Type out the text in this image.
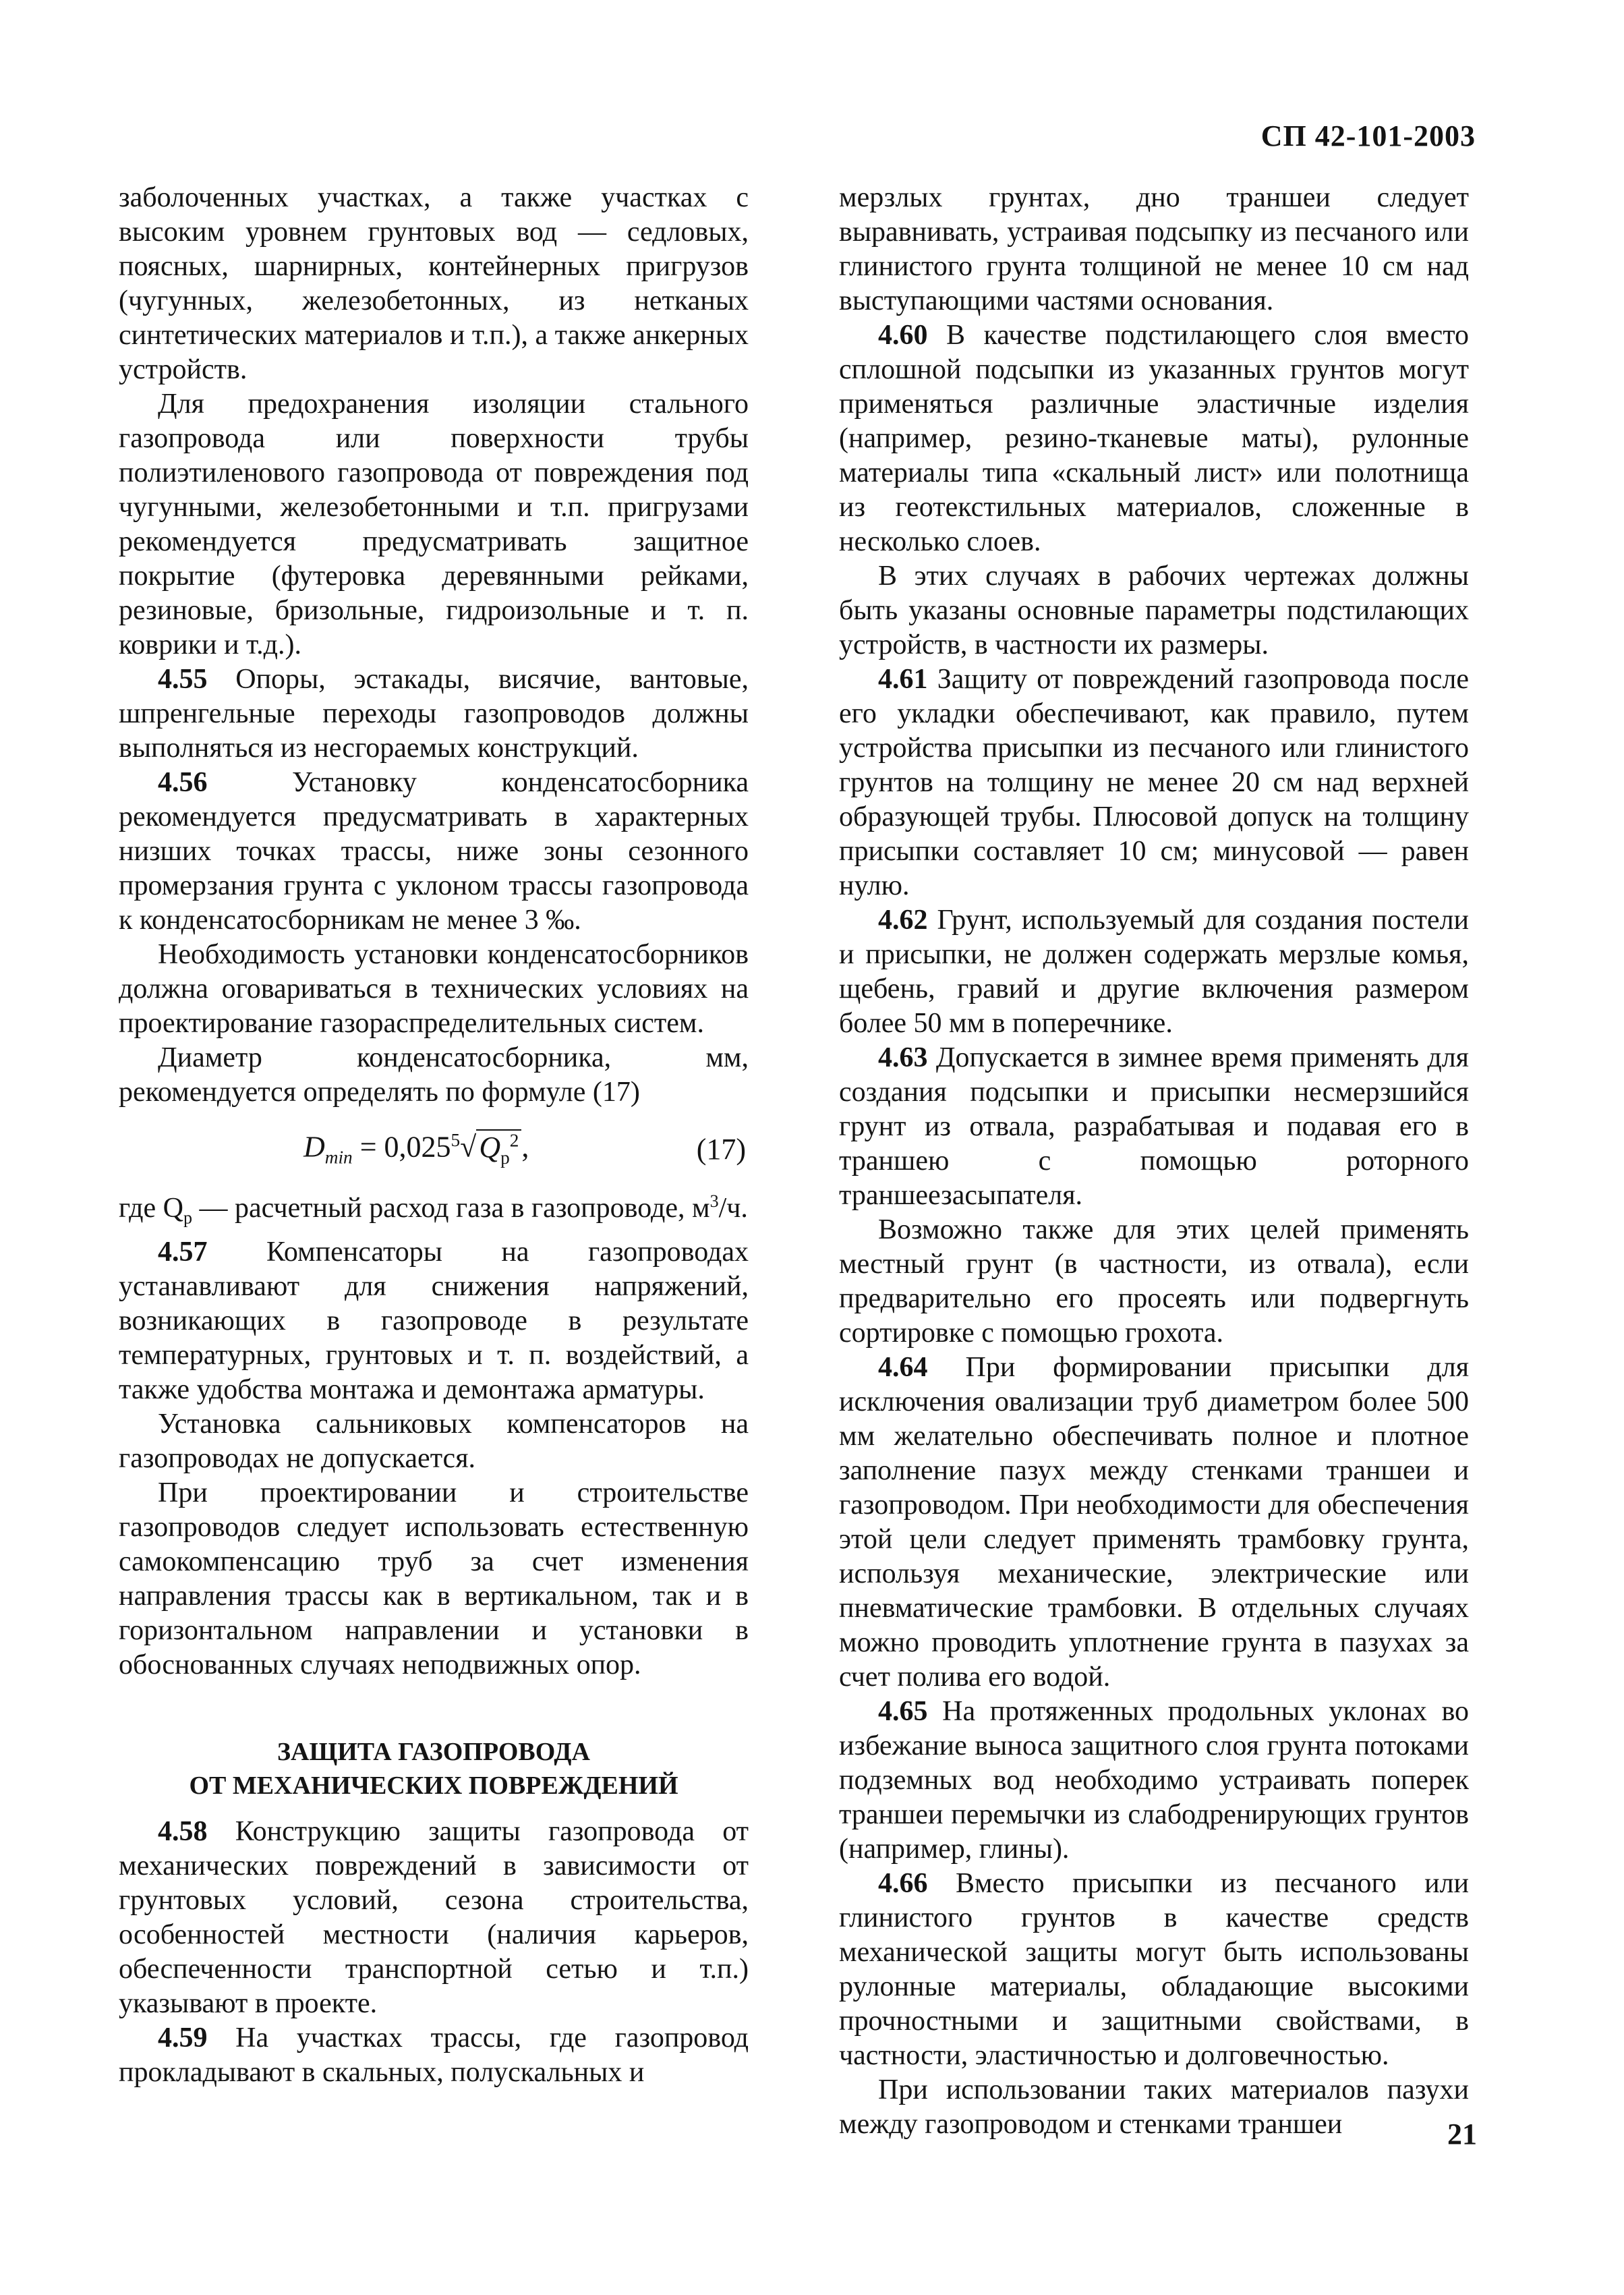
СП 42-101-2003

заболоченных участках, а также участках с высоким уровнем грунтовых вод — седловых, поясных, шарнирных, контейнерных пригрузов (чугунных, железобетонных, из нетканых синтетических материалов и т.п.), а также анкерных устройств.

Для предохранения изоляции стального газопровода или поверхности трубы полиэтиленового газопровода от повреждения под чугунными, железобетонными и т.п. пригрузами рекомендуется предусматривать защитное покрытие (футеровка деревянными рейками, резиновые, бризольные, гидроизольные и т. п. коврики и т.д.).

4.55 Опоры, эстакады, висячие, вантовые, шпренгельные переходы газопроводов должны выполняться из несгораемых конструкций.

4.56	Установку конденсатосборника рекомендуется предусматривать в характерных низших точках трассы, ниже зоны сезонного промерзания грунта с уклоном трассы газопровода к конденсатосборникам не менее 3 ‰.

Необходимость установки конденсатосборников должна оговариваться в технических условиях на проектирование газораспределительных систем.

Диаметр конденсатосборника, мм, рекомендуется определять по формуле (17)

$D_{min} = 0,025^5√Q_р^2$,	(17)

где $Q_р$ — расчетный расход газа в газопроводе, $м^3/ч$.

4.57 Компенсаторы на газопроводах устанавливают для снижения напряжений, возникающих в газопроводе в результате температурных, грунтовых и т. п. воздействий, а также удобства монтажа и демонтажа арматуры.

Установка сальниковых компенсаторов на газопроводах не допускается.

При проектировании и строительстве газопроводов следует использовать естественную самокомпенсацию труб за счет изменения направления трассы как в вертикальном, так и в горизонтальном направлении и установки в обоснованных случаях неподвижных опор.

ЗАЩИТА ГАЗОПРОВОДА
ОТ МЕХАНИЧЕСКИХ ПОВРЕЖДЕНИЙ

4.58 Конструкцию защиты газопровода от механических повреждений в зависимости от грунтовых условий, сезона строительства, особенностей местности (наличия карьеров, обеспеченности транспортной сетью и т.п.) указывают в проекте.

4.59 На участках трассы, где газопровод прокладывают в скальных, полускальных и

мерзлых грунтах, дно траншеи следует выравнивать, устраивая подсыпку из песчаного или глинистого грунта толщиной не менее 10 см над выступающими частями основания.

4.60 В качестве подстилающего слоя вместо сплошной подсыпки из указанных грунтов могут применяться различные эластичные изделия (например, резино-тканевые маты), рулонные материалы типа «скальный лист» или полотнища из геотекстильных материалов, сложенные в несколько слоев.

В этих случаях в рабочих чертежах должны быть указаны основные параметры подстилающих устройств, в частности их размеры.

4.61 Защиту от повреждений газопровода после его укладки обеспечивают, как правило, путем устройства присыпки из песчаного или глинистого грунтов на толщину не менее 20 см над верхней образующей трубы. Плюсовой допуск на толщину присыпки составляет 10 см; минусовой — равен нулю.

4.62 Грунт, используемый для создания постели и присыпки, не должен содержать мерзлые комья, щебень, гравий и другие включения размером более 50 мм в поперечнике.

4.63 Допускается в зимнее время применять для создания подсыпки и присыпки несмерзшийся грунт из отвала, разрабатывая и подавая его в траншею с помощью роторного траншеезасыпателя.

Возможно также для этих целей применять местный грунт (в частности, из отвала), если предварительно его просеять или подвергнуть сортировке с помощью грохота.

4.64 При формировании присыпки для исключения овализации труб диаметром более 500 мм желательно обеспечивать полное и плотное заполнение пазух между стенками траншеи и газопроводом. При необходимости для обеспечения этой цели следует применять трамбовку грунта, используя механические, электрические или пневматические трамбовки. В отдельных случаях можно проводить уплотнение грунта в пазухах за счет полива его водой.

4.65 На протяженных продольных уклонах во избежание выноса защитного слоя грунта потоками подземных вод необходимо устраивать поперек траншеи перемычки из слабодренирующих грунтов (например, глины).

4.66 Вместо присыпки из песчаного или глинистого грунтов в качестве средств механической защиты могут быть использованы рулонные материалы, обладающие высокими прочностными и защитными свойствами, в частности, эластичностью и долговечностью.

При использовании таких материалов пазухи между газопроводом и стенками траншеи	21
